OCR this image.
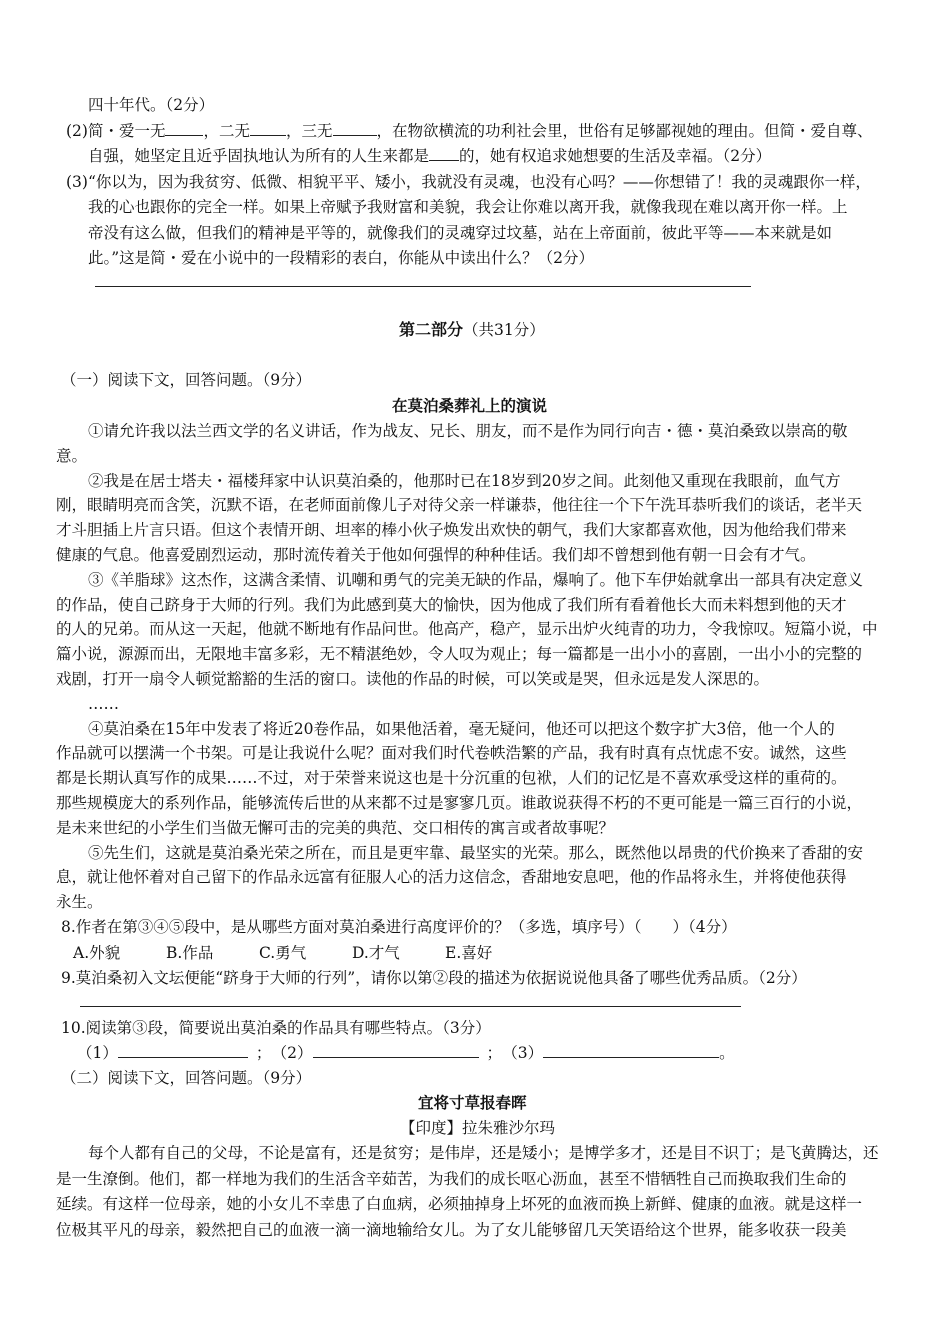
四十年代。（2分）
(2)简・爱一无 ，二无 ，三无	，在物欲横流的功利社会里，世俗有足够鄙视她的理由。但简・爱自尊、
自强，她坚定且近乎固执地认为所有的人生来都是 的，她有权追求她想要的生活及幸福。（2分）
(3)“你以为，因为我贫穷、低微、相貌平平、矮小，我就没有灵魂，也没有心吗？——你想错了！我的灵魂跟你一样，
我的心也跟你的完全一样。如果上帝赋予我财富和美貌，我会让你难以离开我，就像我现在难以离开你一样。上
帝没有这么做，但我们的精神是平等的，就像我们的灵魂穿过坟墓，站在上帝面前，彼此平等——本来就是如
此。”这是简・爱在小说中的一段精彩的表白，你能从中读出什么？（2分）
第二部分（共31分）
（一）阅读下文，回答问题。（9分）
在莫泊桑葬礼上的演说
①请允许我以法兰西文学的名义讲话，作为战友、兄长、朋友，而不是作为同行向吉・德・莫泊桑致以崇高的敬
意。
②我是在居士塔夫・福楼拜家中认识莫泊桑的，他那时已在18岁到20岁之间。此刻他又重现在我眼前，血气方
刚，眼睛明亮而含笑，沉默不语，在老师面前像儿子对待父亲一样谦恭，他往往一个下午洗耳恭听我们的谈话，老半天
才斗胆插上片言只语。但这个表情开朗、坦率的棒小伙子焕发出欢快的朝气，我们大家都喜欢他，因为他给我们带来
健康的气息。他喜爱剧烈运动，那时流传着关于他如何强悍的种种佳话。我们却不曾想到他有朝一日会有才气。
③《羊脂球》这杰作，这满含柔情、讥嘲和勇气的完美无缺的作品，爆响了。他下车伊始就拿出一部具有决定意义
的作品，使自己跻身于大师的行列。我们为此感到莫大的愉快，因为他成了我们所有看着他长大而未料想到他的天才
的人的兄弟。而从这一天起，他就不断地有作品问世。他高产，稳产，显示出炉火纯青的功力，令我惊叹。短篇小说，中
篇小说，源源而出，无限地丰富多彩，无不精湛绝妙，令人叹为观止；每一篇都是一出小小的喜剧，一出小小的完整的
戏剧，打开一扇令人顿觉豁豁的生活的窗口。读他的作品的时候，可以笑或是哭，但永远是发人深思的。
……
④莫泊桑在15年中发表了将近20卷作品，如果他活着，毫无疑问，他还可以把这个数字扩大3倍，他一个人的
作品就可以摆满一个书架。可是让我说什么呢？面对我们时代卷帙浩繁的产品，我有时真有点忧虑不安。诚然，这些
都是长期认真写作的成果……不过，对于荣誉来说这也是十分沉重的包袱，人们的记忆是不喜欢承受这样的重荷的。
那些规模庞大的系列作品，能够流传后世的从来都不过是寥寥几页。谁敢说获得不朽的不更可能是一篇三百行的小说，
是未来世纪的小学生们当做无懈可击的完美的典范、交口相传的寓言或者故事呢？
⑤先生们，这就是莫泊桑光荣之所在，而且是更牢靠、最坚实的光荣。那么，既然他以昂贵的代价换来了香甜的安
息，就让他怀着对自己留下的作品永远富有征服人心的活力这信念，香甜地安息吧，他的作品将永生，并将使他获得
永生。
8.作者在第③④⑤段中，是从哪些方面对莫泊桑进行高度评价的？（多选，填序号）（　　）（4分）
A.外貌	B.作品	C.勇气	D.才气	E.喜好
9.莫泊桑初入文坛便能“跻身于大师的行列”，请你以第②段的描述为依据说说他具备了哪些优秀品质。（2分）
10.阅读第③段，简要说出莫泊桑的作品具有哪些特点。（3分）
（1）	； （2）	； （3）	。
（二）阅读下文，回答问题。（9分）
宜将寸草报春晖
【印度】拉朱雅沙尔玛
每个人都有自己的父母，不论是富有，还是贫穷；是伟岸，还是矮小；是博学多才，还是目不识丁；是飞黄腾达，还
是一生潦倒。他们，都一样地为我们的生活含辛茹苦，为我们的成长呕心沥血，甚至不惜牺牲自己而换取我们生命的
延续。有这样一位母亲，她的小女儿不幸患了白血病，必须抽掉身上坏死的血液而换上新鲜、健康的血液。就是这样一
位极其平凡的母亲，毅然把自己的血液一滴一滴地输给女儿。为了女儿能够留几天笑语给这个世界，能多收获一段美
